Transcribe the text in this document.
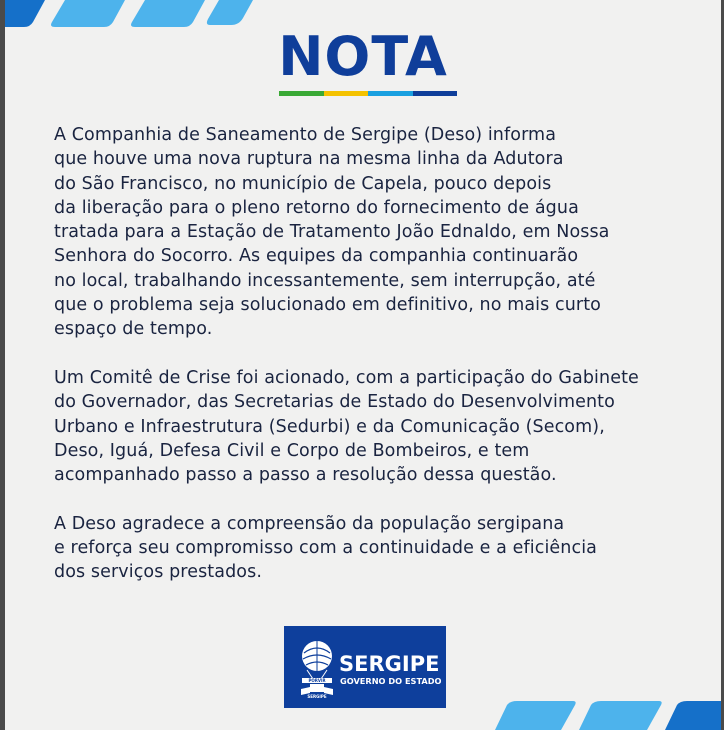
NOTA

A Companhia de Saneamento de Sergipe (Deso) informa
que houve uma nova ruptura na mesma linha da Adutora
do São Francisco, no município de Capela, pouco depois
da liberação para o pleno retorno do fornecimento de água
tratada para a Estação de Tratamento João Ednaldo, em Nossa
Senhora do Socorro. As equipes da companhia continuarão
no local, trabalhando incessantemente, sem interrupção, até
que o problema seja solucionado em definitivo, no mais curto
espaço de tempo.

Um Comitê de Crise foi acionado, com a participação do Gabinete
do Governador, das Secretarias de Estado do Desenvolvimento
Urbano e Infraestrutura (Sedurbi) e da Comunicação (Secom),
Deso, Iguá, Defesa Civil e Corpo de Bombeiros, e tem
acompanhado passo a passo a resolução dessa questão.

A Deso agradece a compreensão da população sergipana
e reforça seu compromisso com a continuidade e a eficiência
dos serviços prestados.

PORVIR
SERGIPE
SERGIPE
GOVERNO DO ESTADO
